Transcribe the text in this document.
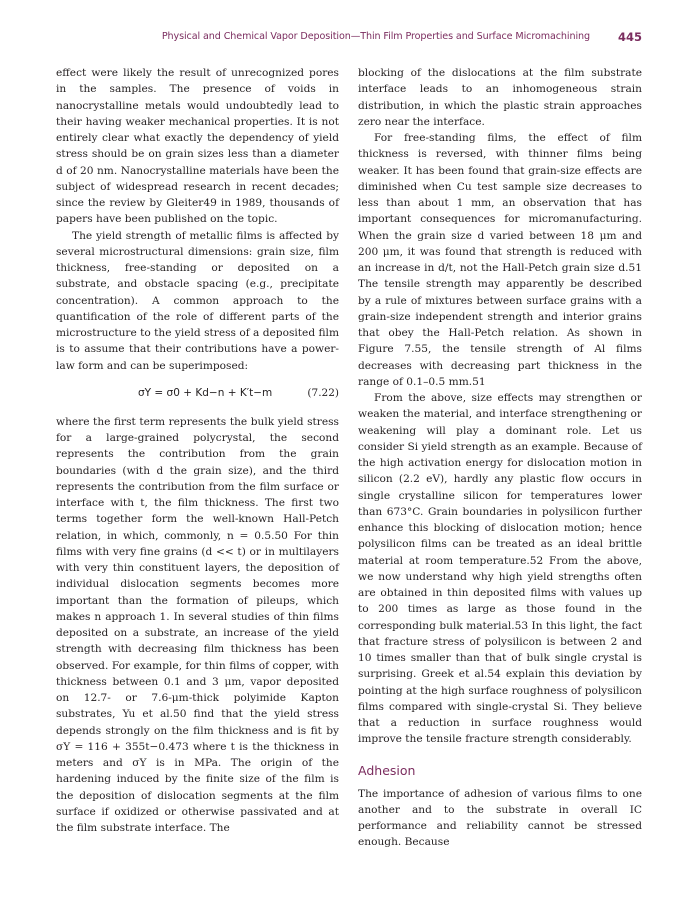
Physical and Chemical Vapor Deposition—Thin Film Properties and Surface Micromachining 445

effect were likely the result of unrecognized pores in the samples. The presence of voids in nanocrystalline metals would undoubtedly lead to their having weaker mechanical properties. It is not entirely clear what exactly the dependency of yield stress should be on grain sizes less than a diameter d of 20 nm. Nanocrystalline materials have been the subject of widespread research in recent decades; since the review by Gleiter49 in 1989, thousands of papers have been published on the topic.

The yield strength of metallic films is affected by several microstructural dimensions: grain size, film thickness, free-standing or deposited on a substrate, and obstacle spacing (e.g., precipitate concentration). A common approach to the quantification of the role of different parts of the microstructure to the yield stress of a deposited film is to assume that their contributions have a power-law form and can be superimposed:

σY = σ0 + Kd−n + K′t−m	(7.22)

where the first term represents the bulk yield stress for a large-grained polycrystal, the second represents the contribution from the grain boundaries (with d the grain size), and the third represents the contribution from the film surface or interface with t, the film thickness. The first two terms together form the well-known Hall-Petch relation, in which, commonly, n = 0.5.50 For thin films with very fine grains (d << t) or in multilayers with very thin constituent layers, the deposition of individual dislocation segments becomes more important than the formation of pileups, which makes n approach 1. In several studies of thin films deposited on a substrate, an increase of the yield strength with decreasing film thickness has been observed. For example, for thin films of copper, with thickness between 0.1 and 3 μm, vapor deposited on 12.7- or 7.6-μm-thick polyimide Kapton substrates, Yu et al.50 find that the yield stress depends strongly on the film thickness and is fit by σY = 116 + 355t−0.473 where t is the thickness in meters and σY is in MPa. The origin of the hardening induced by the finite size of the film is the deposition of dislocation segments at the film surface if oxidized or otherwise passivated and at the film substrate interface. The

blocking of the dislocations at the film substrate interface leads to an inhomogeneous strain distribution, in which the plastic strain approaches zero near the interface.

For free-standing films, the effect of film thickness is reversed, with thinner films being weaker. It has been found that grain-size effects are diminished when Cu test sample size decreases to less than about 1 mm, an observation that has important consequences for micromanufacturing. When the grain size d varied between 18 μm and 200 μm, it was found that strength is reduced with an increase in d/t, not the Hall-Petch grain size d.51 The tensile strength may apparently be described by a rule of mixtures between surface grains with a grain-size independent strength and interior grains that obey the Hall-Petch relation. As shown in Figure 7.55, the tensile strength of Al films decreases with decreasing part thickness in the range of 0.1–0.5 mm.51

From the above, size effects may strengthen or weaken the material, and interface strengthening or weakening will play a dominant role. Let us consider Si yield strength as an example. Because of the high activation energy for dislocation motion in silicon (2.2 eV), hardly any plastic flow occurs in single crystalline silicon for temperatures lower than 673°C. Grain boundaries in polysilicon further enhance this blocking of dislocation motion; hence polysilicon films can be treated as an ideal brittle material at room temperature.52 From the above, we now understand why high yield strengths often are obtained in thin deposited films with values up to 200 times as large as those found in the corresponding bulk material.53 In this light, the fact that fracture stress of polysilicon is between 2 and 10 times smaller than that of bulk single crystal is surprising. Greek et al.54 explain this deviation by pointing at the high surface roughness of polysilicon films compared with single-crystal Si. They believe that a reduction in surface roughness would improve the tensile fracture strength considerably.

Adhesion

The importance of adhesion of various films to one another and to the substrate in overall IC performance and reliability cannot be stressed enough. Because
